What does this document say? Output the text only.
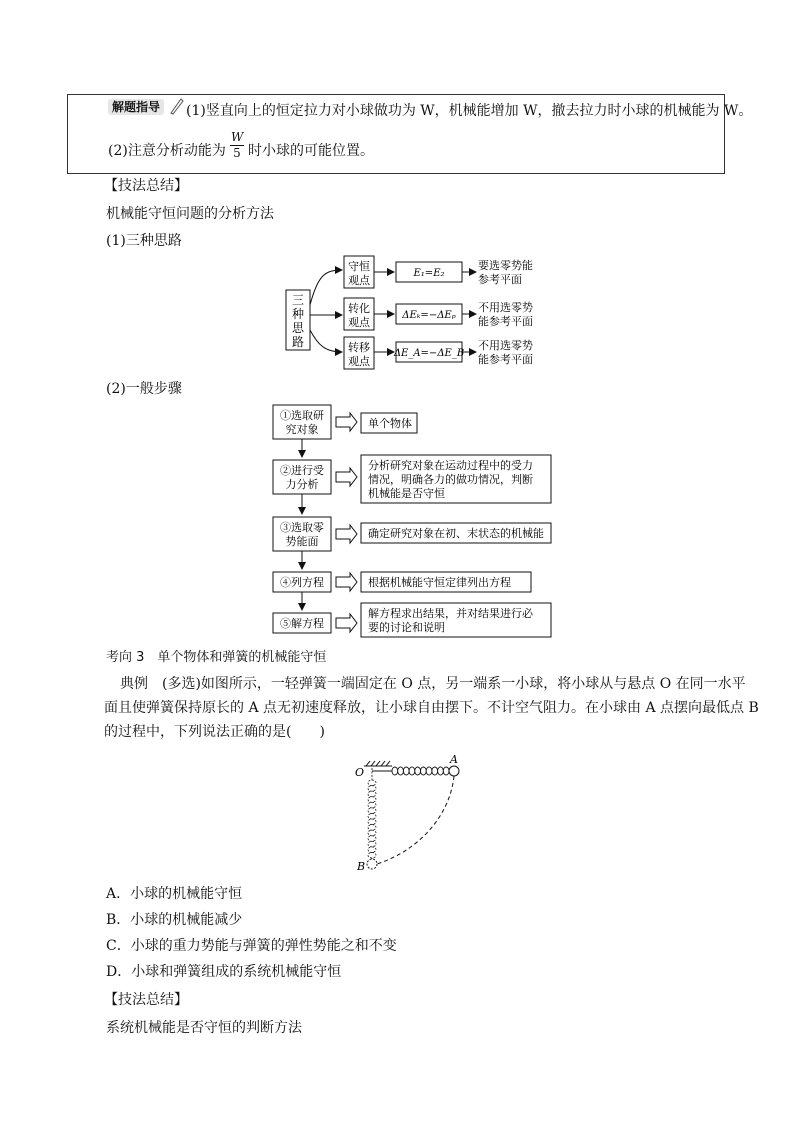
解题指导 (1)竖直向上的恒定拉力对小球做功为 W，机械能增加 W，撤去拉力时小球的机械能为 W。
(2)注意分析动能为 $\frac{W}{5}$ 时小球的可能位置。
【技法总结】
机械能守恒问题的分析方法
(1)三种思路
三
种
思
路
守恒
观点
E₁=E₂
要选零势能
参考平面
转化
观点
ΔEₖ=−ΔEₚ
不用选零势
能参考平面
转移
观点
ΔE_A=−ΔE_B
不用选零势
能参考平面
①选取研
究对象	单个物体
②进行受
力分析
分析研究对象在运动过程中的受力
情况，明确各力的做功情况，判断
机械能是否守恒
③选取零
势能面
确定研究对象在初、末状态的机械能
④列方程	根据机械能守恒定律列出方程
⑤解方程
解方程求出结果，并对结果进行必
要的讨论和说明
O
A
B
(2)一般步骤
考向 3　单个物体和弹簧的机械能守恒
典例　(多选)如图所示，一轻弹簧一端固定在 O 点，另一端系一小球，将小球从与悬点 O 在同一水平
面且使弹簧保持原长的 A 点无初速度释放，让小球自由摆下。不计空气阻力。在小球由 A 点摆向最低点 B
的过程中，下列说法正确的是(　　)
A．小球的机械能守恒
B．小球的机械能减少
C．小球的重力势能与弹簧的弹性势能之和不变
D．小球和弹簧组成的系统机械能守恒
【技法总结】
系统机械能是否守恒的判断方法
